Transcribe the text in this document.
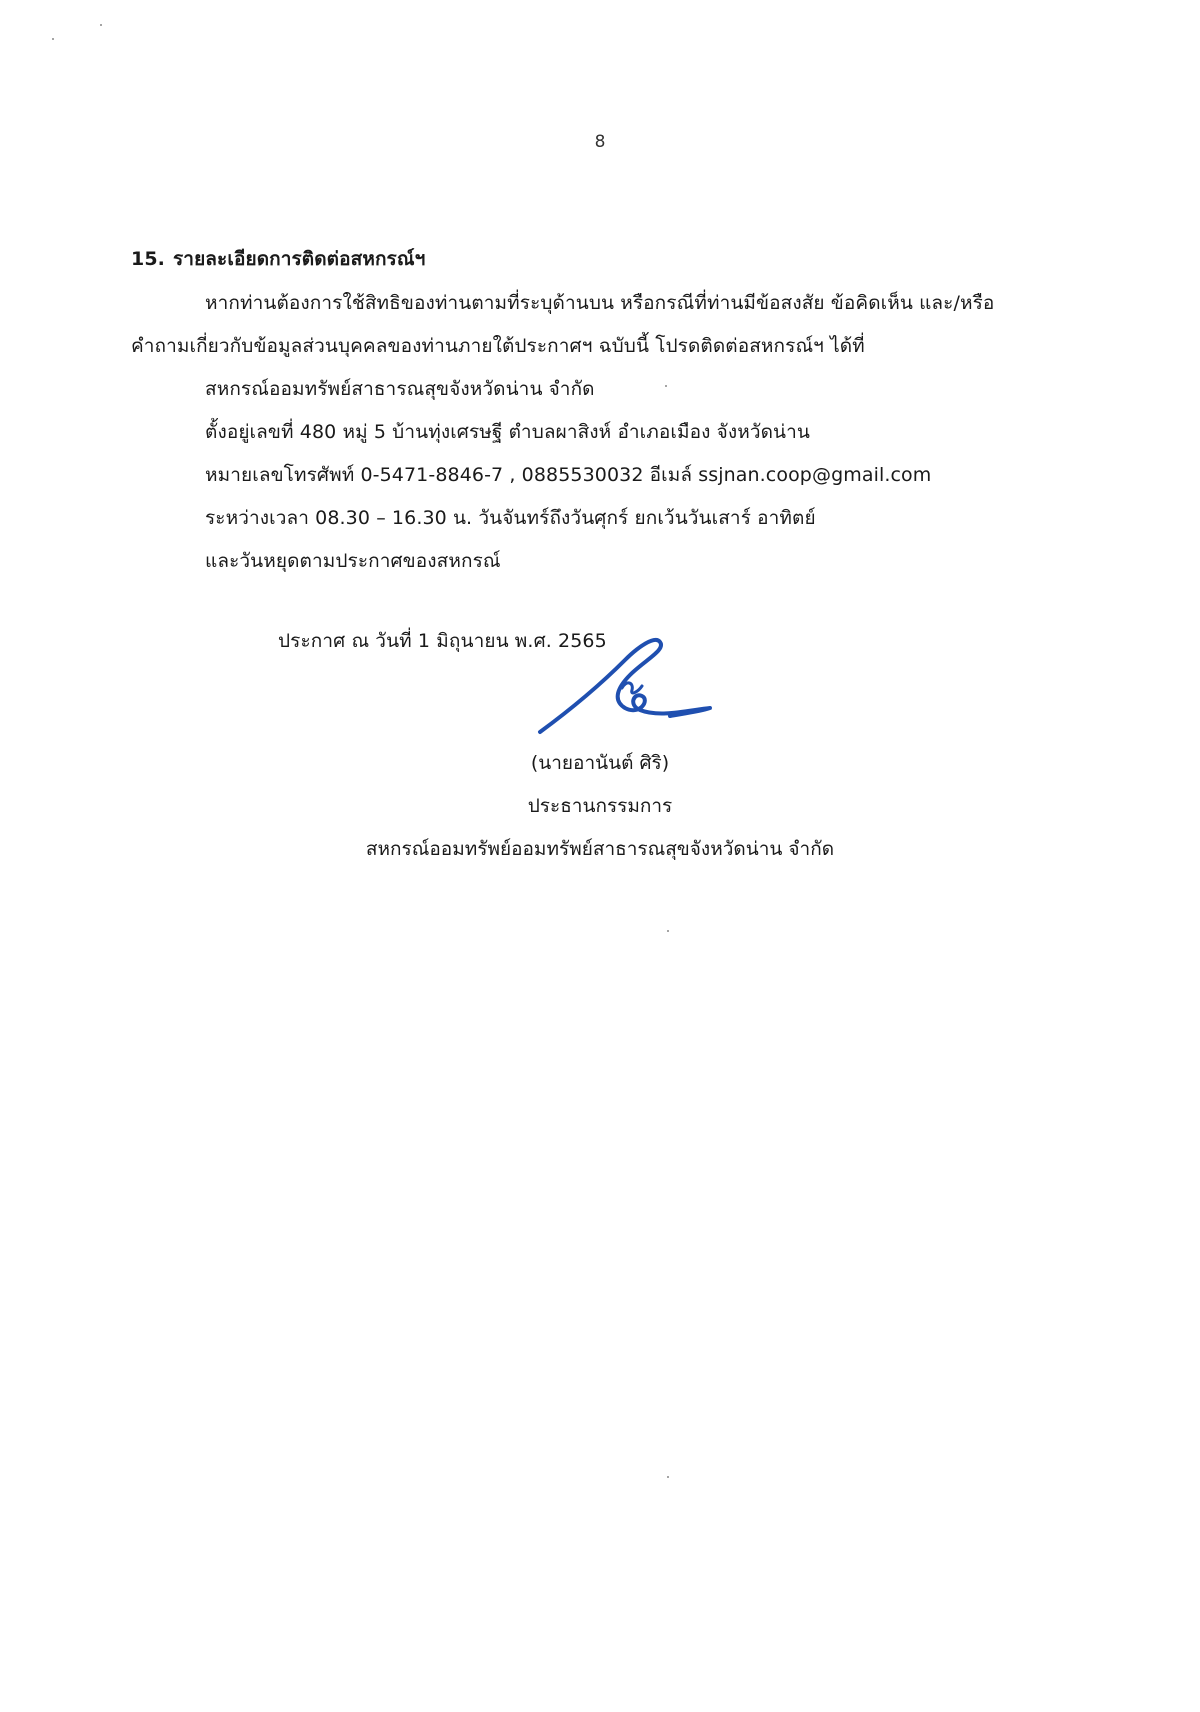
8
15. รายละเอียดการติดต่อสหกรณ์ฯ
หากท่านต้องการใช้สิทธิของท่านตามที่ระบุด้านบน หรือกรณีที่ท่านมีข้อสงสัย ข้อคิดเห็น และ/หรือ
คำถามเกี่ยวกับข้อมูลส่วนบุคคลของท่านภายใต้ประกาศฯ ฉบับนี้ โปรดติดต่อสหกรณ์ฯ ได้ที่
สหกรณ์ออมทรัพย์สาธารณสุขจังหวัดน่าน จำกัด
ตั้งอยู่เลขที่ 480 หมู่ 5 บ้านทุ่งเศรษฐี ตำบลผาสิงห์ อำเภอเมือง จังหวัดน่าน
หมายเลขโทรศัพท์ 0-5471-8846-7 , 0885530032 อีเมล์ ssjnan.coop@gmail.com
ระหว่างเวลา 08.30 – 16.30 น. วันจันทร์ถึงวันศุกร์ ยกเว้นวันเสาร์ อาทิตย์
และวันหยุดตามประกาศของสหกรณ์
ประกาศ ณ วันที่ 1 มิถุนายน พ.ศ. 2565
(นายอานันต์ ศิริ)
ประธานกรรมการ
สหกรณ์ออมทรัพย์ออมทรัพย์สาธารณสุขจังหวัดน่าน จำกัด
